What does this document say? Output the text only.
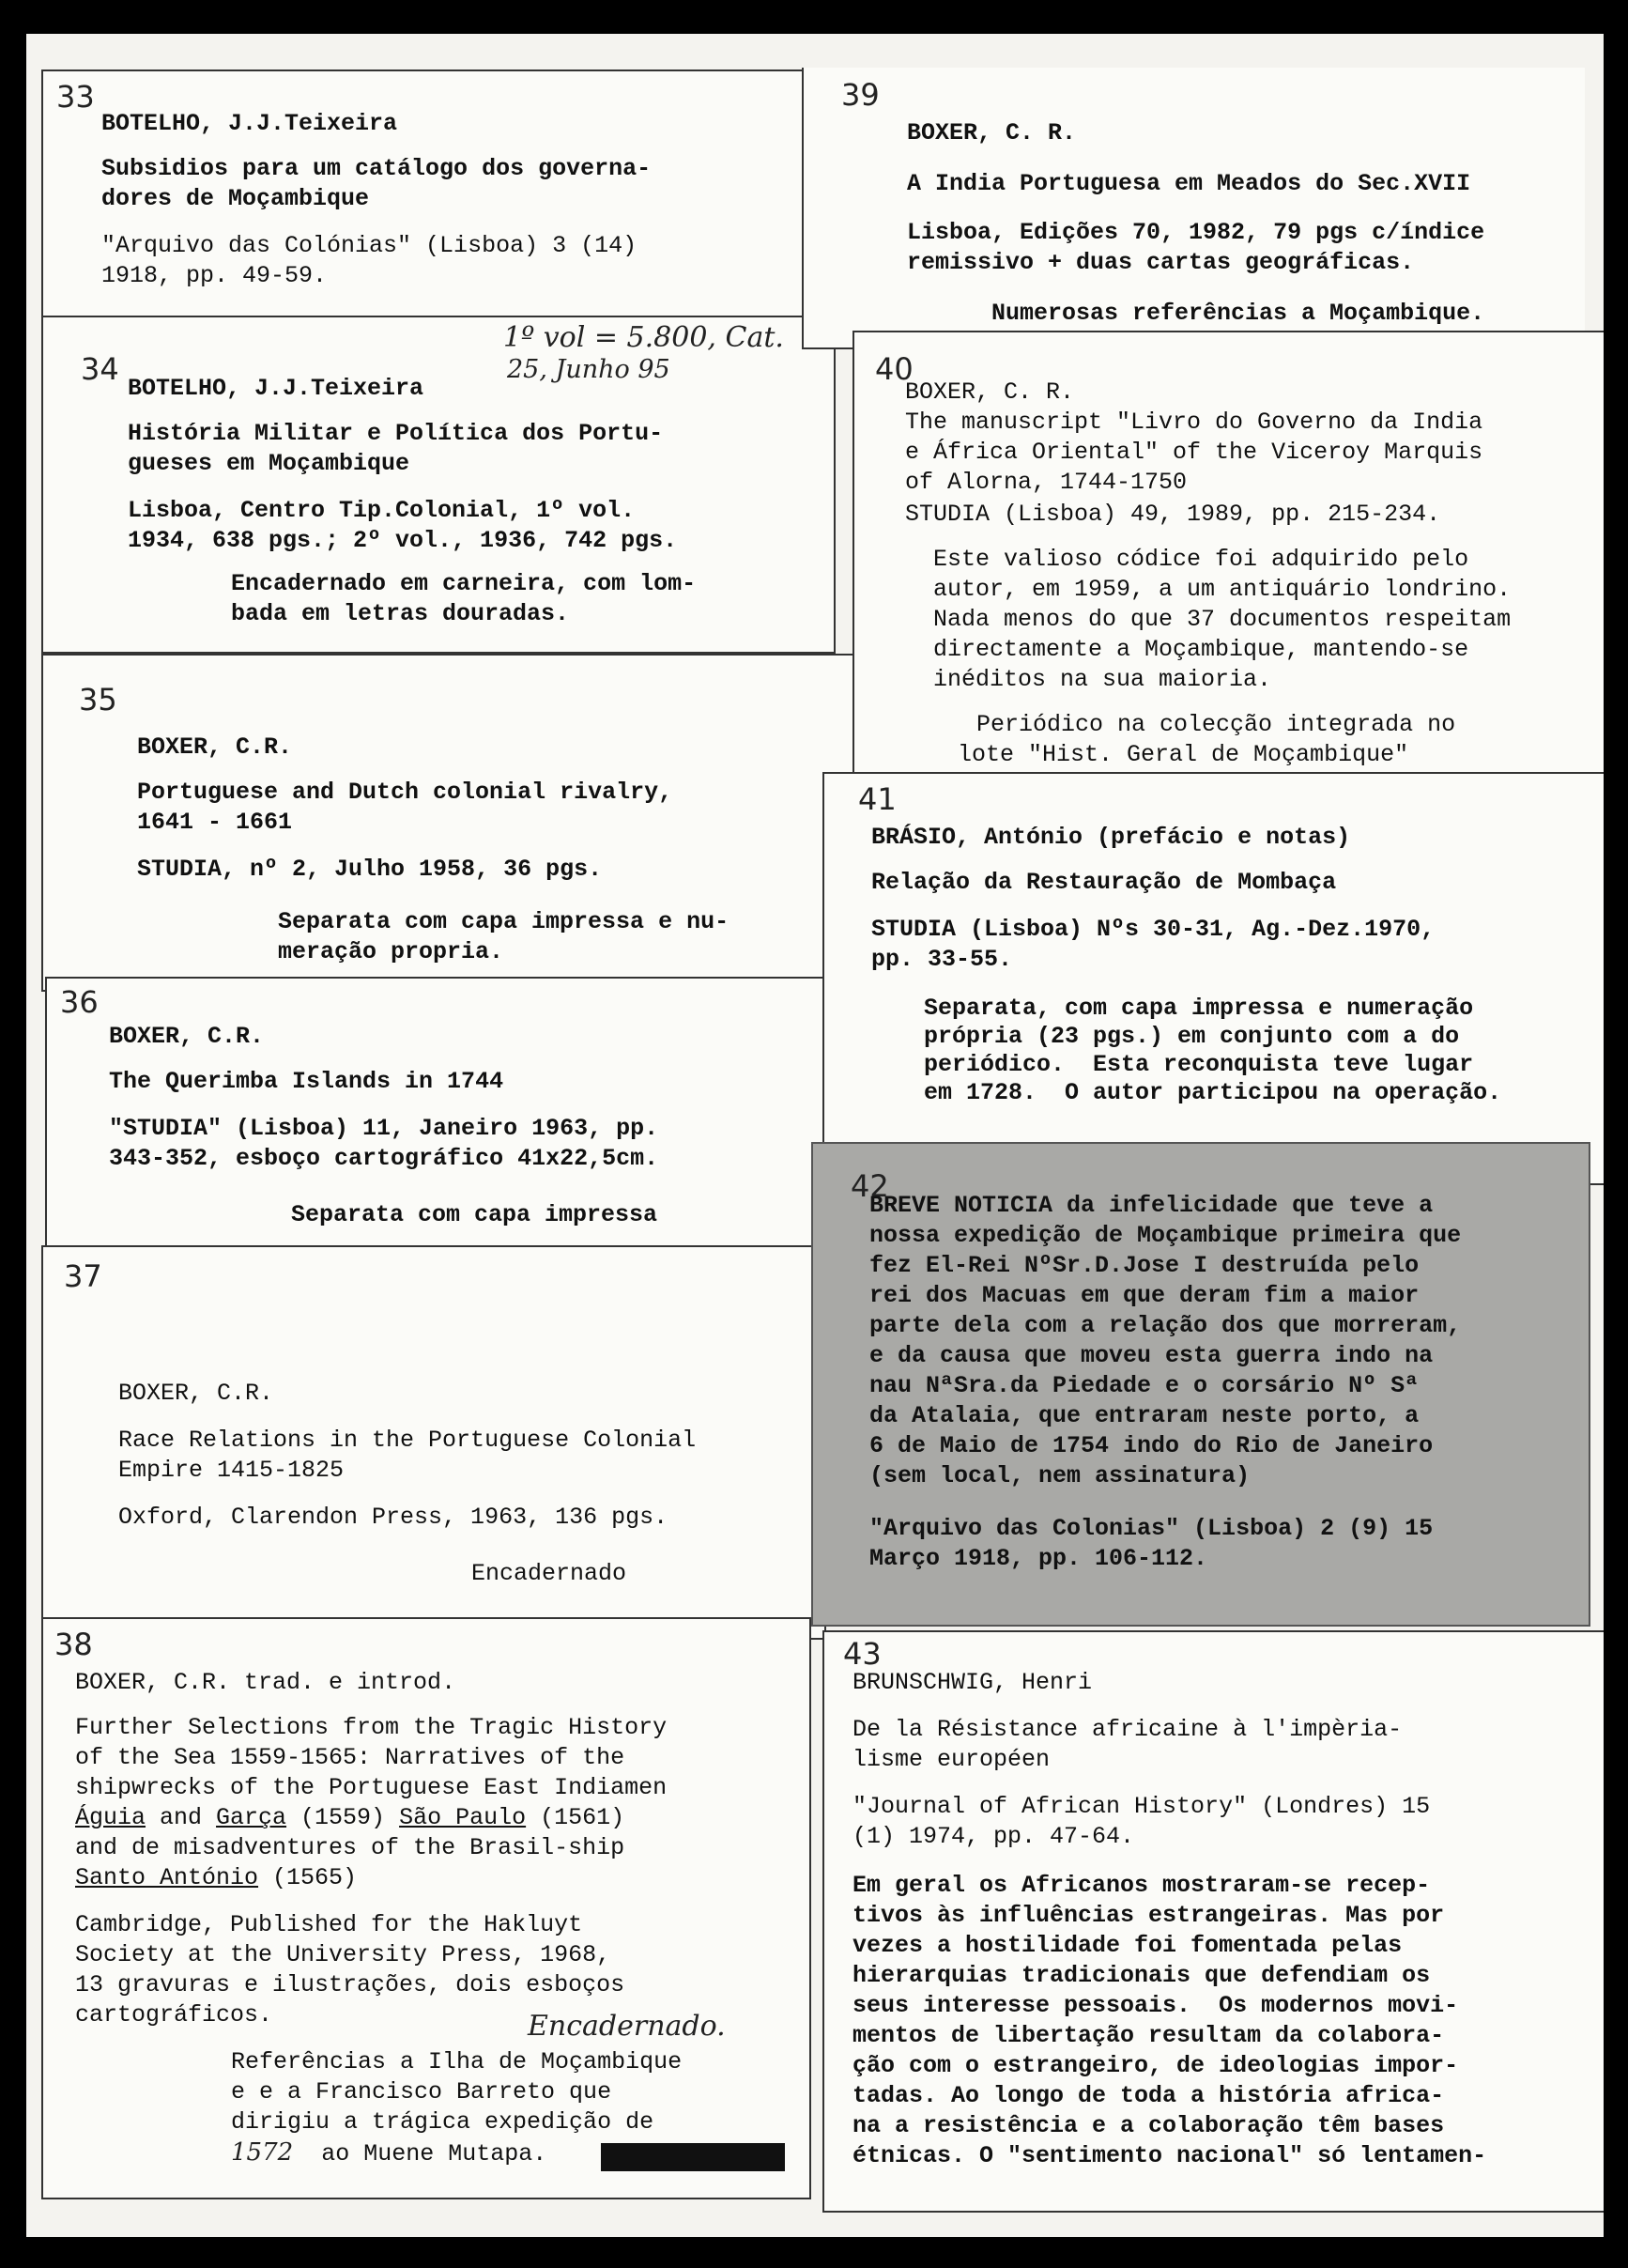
33
BOTELHO, J.J.Teixeira
Subsidios para um catálogo dos governa-
dores de Moçambique
"Arquivo das Colónias" (Lisboa) 3 (14)
1918, pp. 49-59.
34
1º vol = 5.800, Cat.
25, Junho 95
BOTELHO, J.J.Teixeira
História Militar e Política dos Portu-
gueses em Moçambique
Lisboa, Centro Tip.Colonial, 1º vol.
1934, 638 pgs.; 2º vol., 1936, 742 pgs.
Encadernado em carneira, com lom-
bada em letras douradas.
35
BOXER, C.R.
Portuguese and Dutch colonial rivalry,
1641 - 1661
STUDIA, nº 2, Julho 1958, 36 pgs.
Separata com capa impressa e nu-
meração propria.
36
BOXER, C.R.
The Querimba Islands in 1744
"STUDIA" (Lisboa) 11, Janeiro 1963, pp.
343-352, esboço cartográfico 41x22,5cm.
Separata com capa impressa
37
BOXER, C.R.
Race Relations in the Portuguese Colonial
Empire 1415-1825
Oxford, Clarendon Press, 1963, 136 pgs.
Encadernado
38
BOXER, C.R. trad. e introd.
Further Selections from the Tragic History
of the Sea 1559-1565: Narratives of the
shipwrecks of the Portuguese East Indiamen
Águia and Garça (1559) São Paulo (1561)
and de misadventures of the Brasil-ship
Santo António (1565)
Cambridge, Published for the Hakluyt
Society at the University Press, 1968,
13 gravuras e ilustrações, dois esboços
cartográficos.	Encadernado.
Referências a Ilha de Moçambique
e e a Francisco Barreto que
dirigiu a trágica expedição de
1572 ao Muene Mutapa.
39
BOXER, C. R.
A India Portuguesa em Meados do Sec.XVII
Lisboa, Edições 70, 1982, 79 pgs c/índice
remissivo + duas cartas geográficas.
Numerosas referências a Moçambique.
40
BOXER, C. R.
The manuscript "Livro do Governo da India
e África Oriental" of the Viceroy Marquis
of Alorna, 1744-1750
STUDIA (Lisboa) 49, 1989, pp. 215-234.
Este valioso códice foi adquirido pelo
autor, em 1959, a um antiquário londrino.
Nada menos do que 37 documentos respeitam
directamente a Moçambique, mantendo-se
inéditos na sua maioria.
Periódico na colecção integrada no
lote "Hist. Geral de Moçambique"
41
BRÁSIO, António (prefácio e notas)
Relação da Restauração de Mombaça
STUDIA (Lisboa) Nºs 30-31, Ag.-Dez.1970,
pp. 33-55.
Separata, com capa impressa e numeração
própria (23 pgs.) em conjunto com a do
periódico.  Esta reconquista teve lugar
em 1728.  O autor participou na operação.
42
BREVE NOTICIA da infelicidade que teve a
nossa expedição de Moçambique primeira que
fez El-Rei NºSr.D.Jose I destruída pelo
rei dos Macuas em que deram fim a maior
parte dela com a relação dos que morreram,
e da causa que moveu esta guerra indo na
nau NªSra.da Piedade e o corsário Nº Sª
da Atalaia, que entraram neste porto, a
6 de Maio de 1754 indo do Rio de Janeiro
(sem local, nem assinatura)
"Arquivo das Colonias" (Lisboa) 2 (9) 15
Março 1918, pp. 106-112.
43
BRUNSCHWIG, Henri
De la Résistance africaine à l'impèria-
lisme européen
"Journal of African History" (Londres) 15
(1) 1974, pp. 47-64.
Em geral os Africanos mostraram-se recep-
tivos às influências estrangeiras. Mas por
vezes a hostilidade foi fomentada pelas
hierarquias tradicionais que defendiam os
seus interesse pessoais.  Os modernos movi-
mentos de libertação resultam da colabora-
ção com o estrangeiro, de ideologias impor-
tadas. Ao longo de toda a história africa-
na a resistência e a colaboração têm bases
étnicas. O "sentimento nacional" só lentamen-
